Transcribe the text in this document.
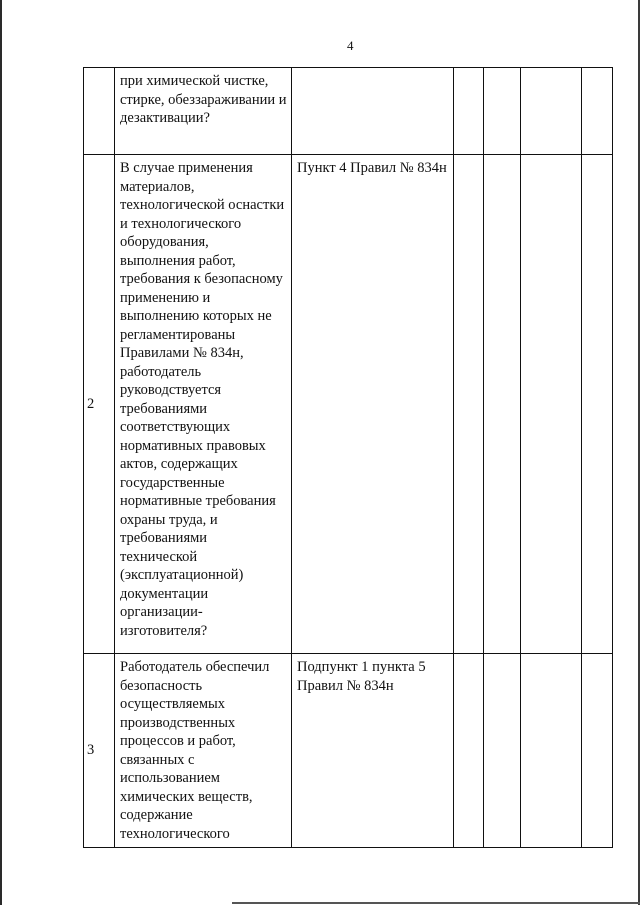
4

	при химической чистке, стирке, обеззараживании и дезактивации?					

2	В случае применения материалов, технологической оснастки и технологического оборудования, выполнения работ, требования к безопасному применению и выполнению которых не регламентированы Правилами № 834н, работодатель руководствуется требованиями соответствующих нормативных правовых актов, содержащих государственные нормативные требования охраны труда, и требованиями технической (эксплуатационной) документации организации-изготовителя?	Пункт 4 Правил № 834н				

3	Работодатель обеспечил безопасность осуществляемых производственных процессов и работ, связанных с использованием химических веществ, содержание технологического	Подпункт 1 пункта 5 Правил № 834н				
